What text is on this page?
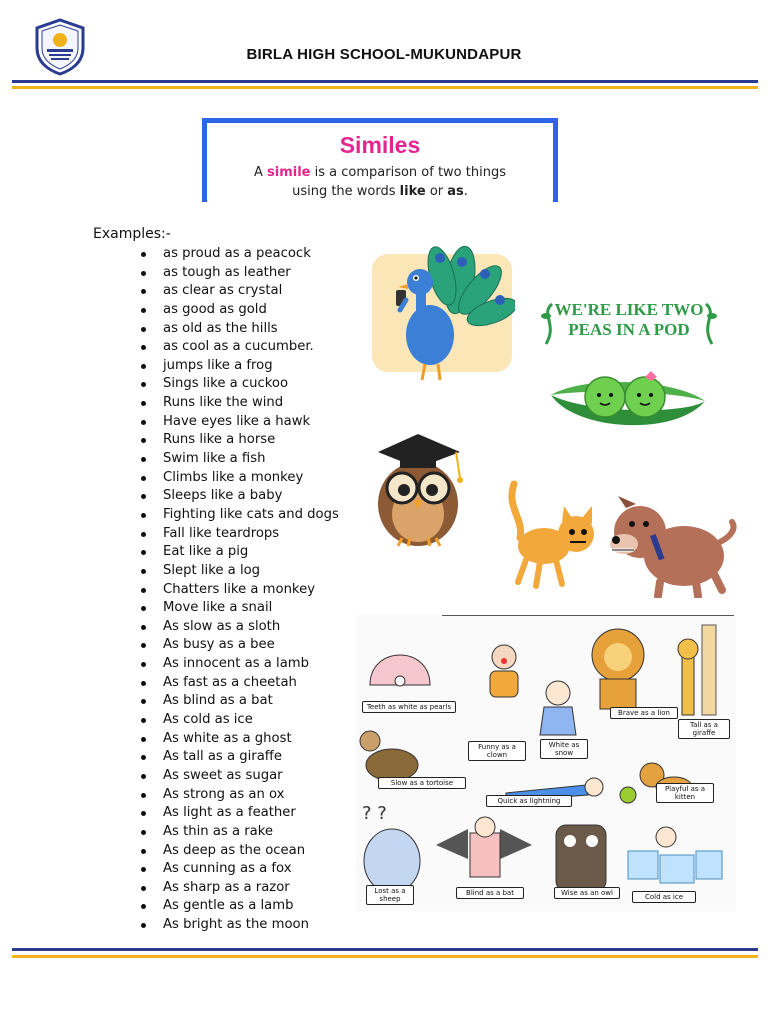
BIRLA HIGH SCHOOL-MUKUNDAPUR
Similes
A simile is a comparison of two things
using the words like or as.
Examples:-
as proud as a peacock
as tough as leather
as clear as crystal
as good as gold
as old as the hills
as cool as a cucumber.
jumps like a frog
Sings like a cuckoo
Runs like the wind
Have eyes like a hawk
Runs like a horse
Swim like a fish
Climbs like a monkey
Sleeps like a baby
Fighting like cats and dogs
Fall like teardrops
Eat like a pig
Slept like a log
Chatters like a monkey
Move like a snail
As slow as a sloth
As busy as a bee
As innocent as a lamb
As fast as a cheetah
As blind as a bat
As cold as ice
As white as a ghost
As tall as a giraffe
As sweet as sugar
As strong as an ox
As light as a feather
As thin as a rake
As deep as the ocean
As cunning as a fox
As sharp as a razor
As gentle as a lamb
As bright as the moon
WE'RE LIKE TWO
PEAS IN A POD
? ?
Teeth as white as pearls
Funny as a clown
White as snow
Brave as a lion
Tall as a giraffe
Slow as a tortoise
Quick as lightning
Playful as a kitten
Lost as a sheep
Blind as a bat	Wise as an owl	Cold as ice
